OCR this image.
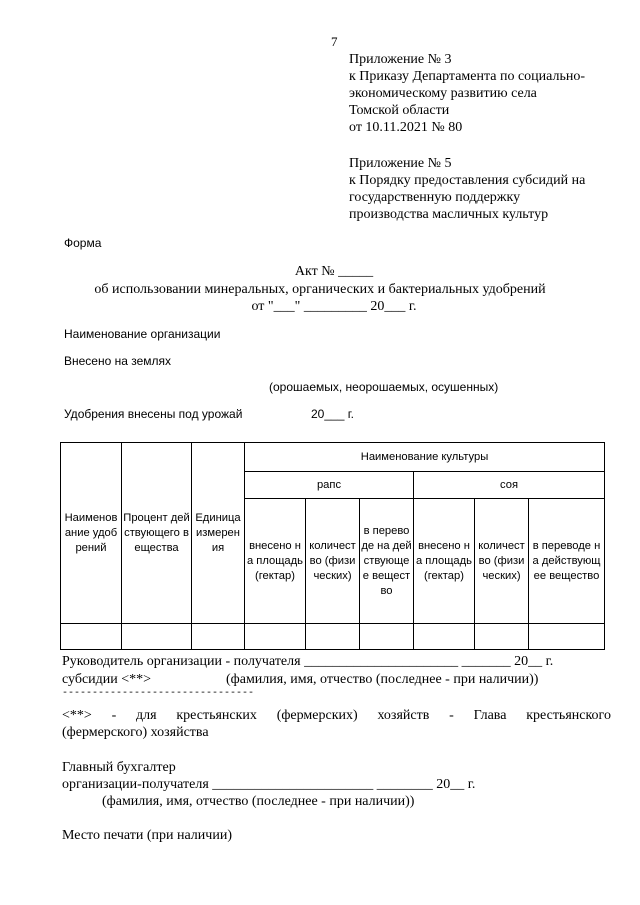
7
Приложение № 3
к Приказу Департамента по социально-
экономическому развитию села
Томской области
от 10.11.2021 № 80
Приложение № 5
к Порядку предоставления субсидий на
государственную поддержку
производства масличных культур
Форма
Акт № _____
об использовании минеральных, органических и бактериальных удобрений
от "___" _________ 20___ г.
Наименование организации
Внесено на землях
(орошаемых, неорошаемых, осушенных)
Удобрения внесены под урожай	20___ г.
Наименование удобрений	Процент действующего вещества	Единица измерения	Наименование культуры					
			рапс			соя		

			внесено на площадь (гектар)	количество (физических)	в переводе на действующее вещество	внесено на площадь (гектар)	количество (физических)	в переводе на действующее вещество

Руководитель организации - получателя ______________________ _______ 20__ г.
субсидии <**>	(фамилия, имя, отчество (последнее - при наличии))
--------------------------------
<**> - для крестьянских (фермерских) хозяйств - Глава крестьянского
(фермерского) хозяйства
Главный бухгалтер
организации-получателя _______________________ ________ 20__ г.
(фамилия, имя, отчество (последнее - при наличии))
Место печати (при наличии)
